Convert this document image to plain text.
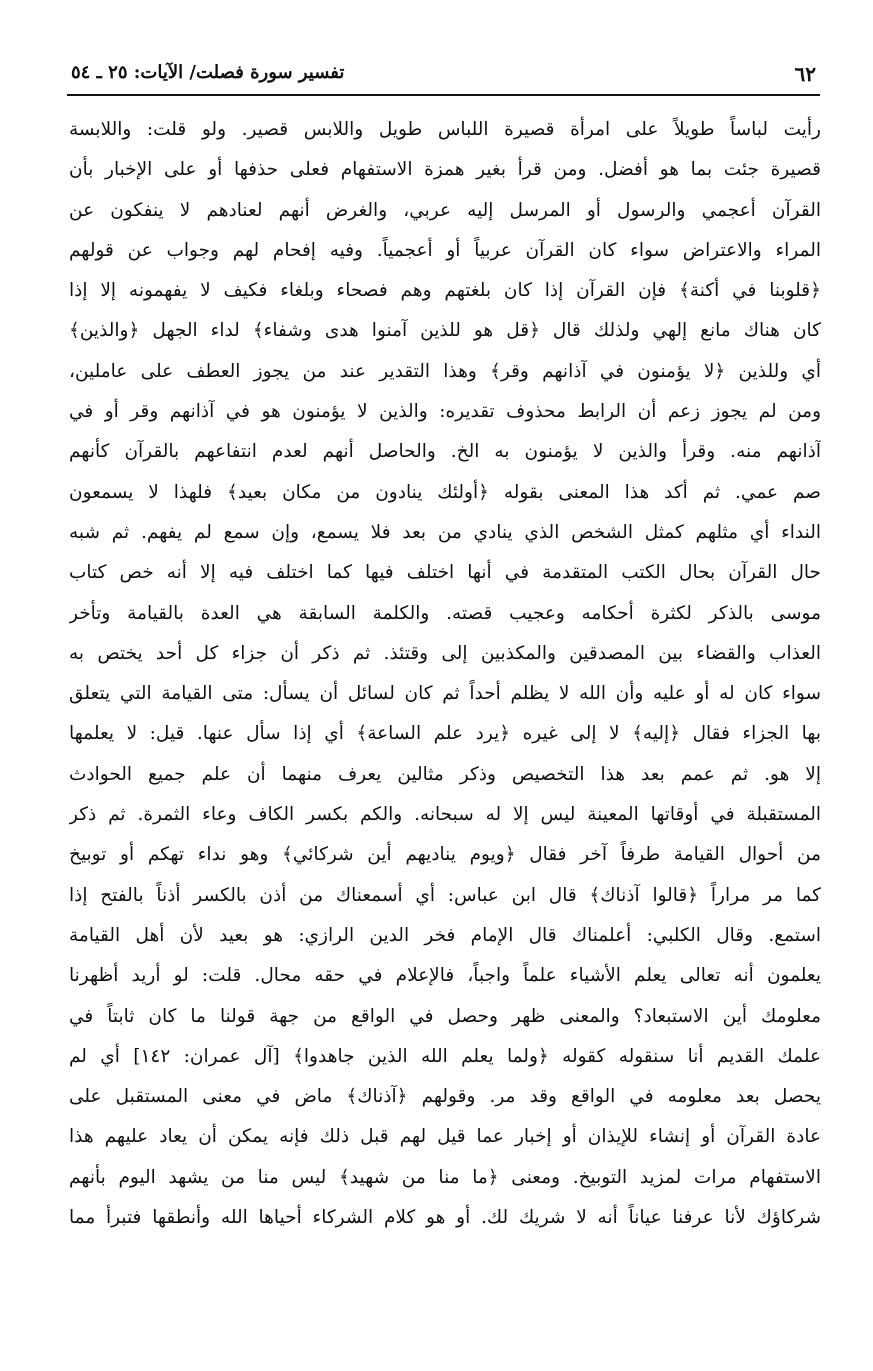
٦٢
تفسير سورة فصلت/ الآيات: ٢٥ ـ ٥٤
رأيت لباساً طويلاً على امرأة قصيرة اللباس طويل واللابس قصير. ولو قلت: واللابسة
قصيرة جئت بما هو أفضل. ومن قرأ بغير همزة الاستفهام فعلى حذفها أو على الإخبار بأن
القرآن أعجمي والرسول أو المرسل إليه عربي، والغرض أنهم لعنادهم لا ينفكون عن
المراء والاعتراض سواء كان القرآن عربياً أو أعجمياً. وفيه إفحام لهم وجواب عن قولهم
﴿قلوبنا في أكنة﴾ فإن القرآن إذا كان بلغتهم وهم فصحاء وبلغاء فكيف لا يفهمونه إلا إذا
كان هناك مانع إلهي ولذلك قال ﴿قل هو للذين آمنوا هدى وشفاء﴾ لداء الجهل ﴿والذين﴾
أي وللذين ﴿لا يؤمنون في آذانهم وقر﴾ وهذا التقدير عند من يجوز العطف على عاملين،
ومن لم يجوز زعم أن الرابط محذوف تقديره: والذين لا يؤمنون هو في آذانهم وقر أو في
آذانهم منه. وقرأ والذين لا يؤمنون به الخ. والحاصل أنهم لعدم انتفاعهم بالقرآن كأنهم
صم عمي. ثم أكد هذا المعنى بقوله ﴿أولئك ينادون من مكان بعيد﴾ فلهذا لا يسمعون
النداء أي مثلهم كمثل الشخص الذي ينادي من بعد فلا يسمع، وإن سمع لم يفهم. ثم شبه
حال القرآن بحال الكتب المتقدمة في أنها اختلف فيها كما اختلف فيه إلا أنه خص كتاب
موسى بالذكر لكثرة أحكامه وعجيب قصته. والكلمة السابقة هي العدة بالقيامة وتأخر
العذاب والقضاء بين المصدقين والمكذبين إلى وقتئذ. ثم ذكر أن جزاء كل أحد يختص به
سواء كان له أو عليه وأن الله لا يظلم أحداً ثم كان لسائل أن يسأل: متى القيامة التي يتعلق
بها الجزاء فقال ﴿إليه﴾ لا إلى غيره ﴿يرد علم الساعة﴾ أي إذا سأل عنها. قيل: لا يعلمها
إلا هو. ثم عمم بعد هذا التخصيص وذكر مثالين يعرف منهما أن علم جميع الحوادث
المستقبلة في أوقاتها المعينة ليس إلا له سبحانه. والكم بكسر الكاف وعاء الثمرة. ثم ذكر
من أحوال القيامة طرفاً آخر فقال ﴿ويوم يناديهم أين شركائي﴾ وهو نداء تهكم أو توبيخ
كما مر مراراً ﴿قالوا آذناك﴾ قال ابن عباس: أي أسمعناك من أذن بالكسر أذناً بالفتح إذا
استمع. وقال الكلبي: أعلمناك قال الإمام فخر الدين الرازي: هو بعيد لأن أهل القيامة
يعلمون أنه تعالى يعلم الأشياء علماً واجباً، فالإعلام في حقه محال. قلت: لو أريد أظهرنا
معلومك أين الاستبعاد؟ والمعنى ظهر وحصل في الواقع من جهة قولنا ما كان ثابتاً في
علمك القديم أنا سنقوله كقوله ﴿ولما يعلم الله الذين جاهدوا﴾ [آل عمران: ١٤٢] أي لم
يحصل بعد معلومه في الواقع وقد مر. وقولهم ﴿آذناك﴾ ماض في معنى المستقبل على
عادة القرآن أو إنشاء للإيذان أو إخبار عما قيل لهم قبل ذلك فإنه يمكن أن يعاد عليهم هذا
الاستفهام مرات لمزيد التوبيخ. ومعنى ﴿ما منا من شهيد﴾ ليس منا من يشهد اليوم بأنهم
شركاؤك لأنا عرفنا عياناً أنه لا شريك لك. أو هو كلام الشركاء أحياها الله وأنطقها فتبرأ مما
